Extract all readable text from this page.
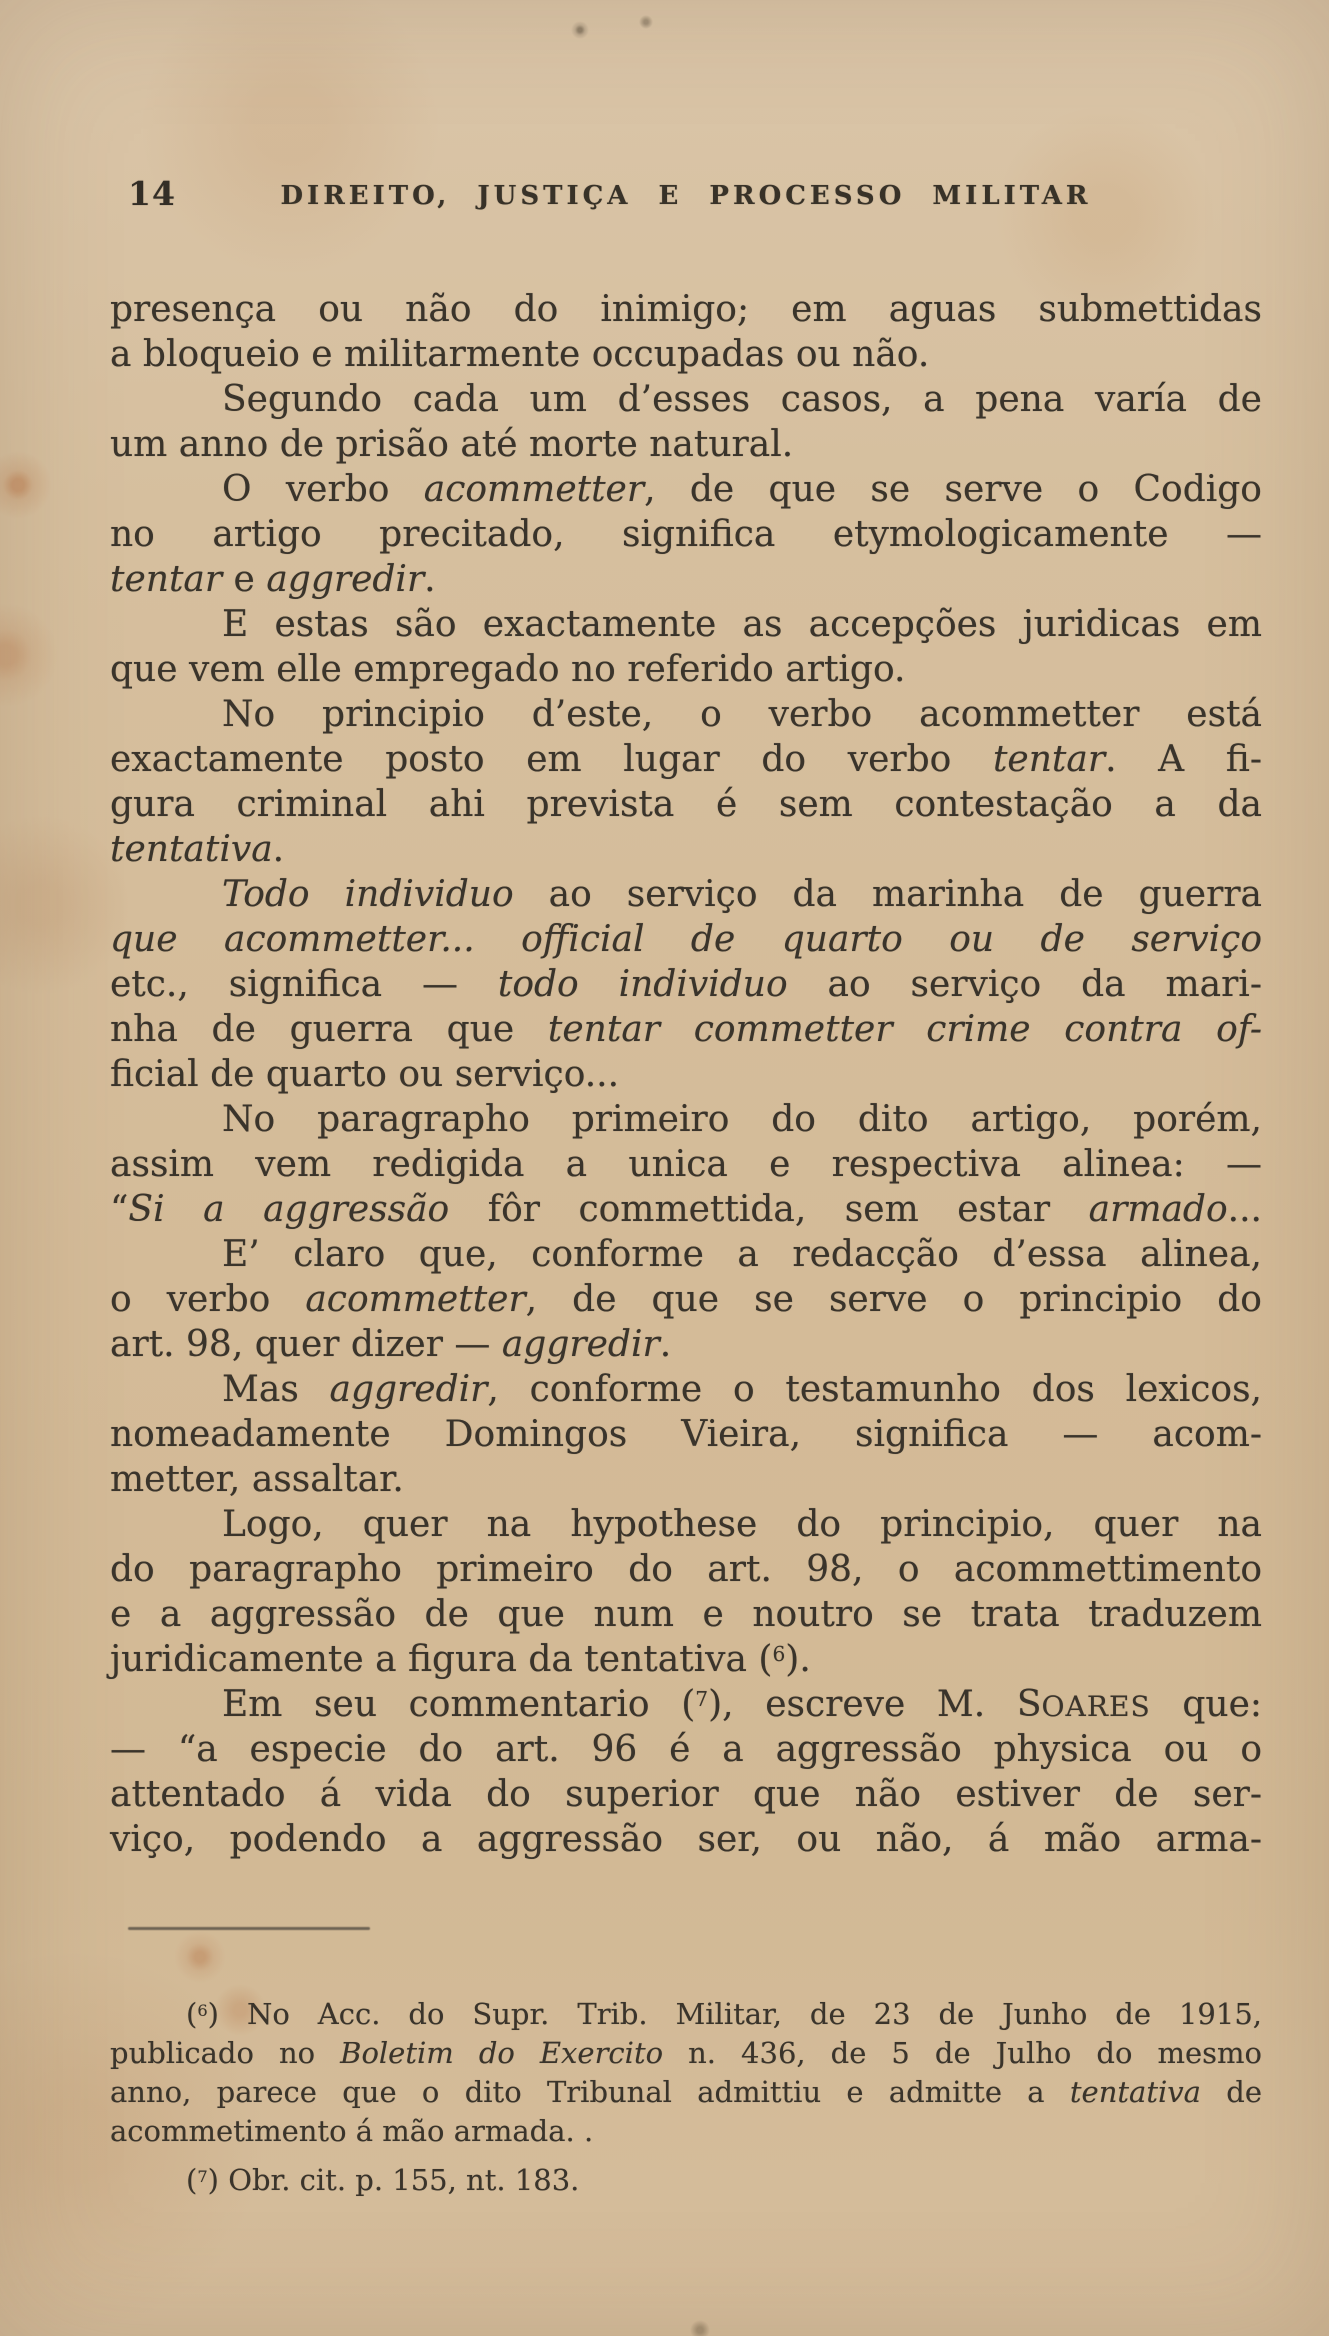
14	DIREITO, JUSTIÇA E PROCESSO MILITAR
presença ou não do inimigo; em aguas submettidas
a bloqueio e militarmente occupadas ou não.
Segundo cada um d’esses casos, a pena varía de
um anno de prisão até morte natural.
O verbo acommetter, de que se serve o Codigo
no artigo precitado, significa etymologicamente —
tentar e aggredir.
E estas são exactamente as accepções juridicas em
que vem elle empregado no referido artigo.
No principio d’este, o verbo acommetter está
exactamente posto em lugar do verbo tentar. A fi-
gura criminal ahi prevista é sem contestação a da
tentativa.
Todo individuo ao serviço da marinha de guerra
que acommetter... official de quarto ou de serviço
etc., significa — todo individuo ao serviço da mari-
nha de guerra que tentar commetter crime contra of-
ficial de quarto ou serviço...
No paragrapho primeiro do dito artigo, porém,
assim vem redigida a unica e respectiva alinea: —
“Si a aggressão fôr commettida, sem estar armado...
E’ claro que, conforme a redacção d’essa alinea,
o verbo acommetter, de que se serve o principio do
art. 98, quer dizer — aggredir.
Mas aggredir, conforme o testamunho dos lexicos,
nomeadamente Domingos Vieira, significa — acom-
metter, assaltar.
Logo, quer na hypothese do principio, quer na
do paragrapho primeiro do art. 98, o acommettimento
e a aggressão de que num e noutro se trata traduzem
juridicamente a figura da tentativa ($^6$).
Em seu commentario ($^7$), escreve M. SOARES que:
— “a especie do art. 96 é a aggressão physica ou o
attentado á vida do superior que não estiver de ser-
viço, podendo a aggressão ser, ou não, á mão arma-
($^6$) No Acc. do Supr. Trib. Militar, de 23 de Junho de 1915,
publicado no Boletim do Exercito n. 436, de 5 de Julho do mesmo
anno, parece que o dito Tribunal admittiu e admitte a tentativa de
acommetimento á mão armada. .
($^7$) Obr. cit. p. 155, nt. 183.
